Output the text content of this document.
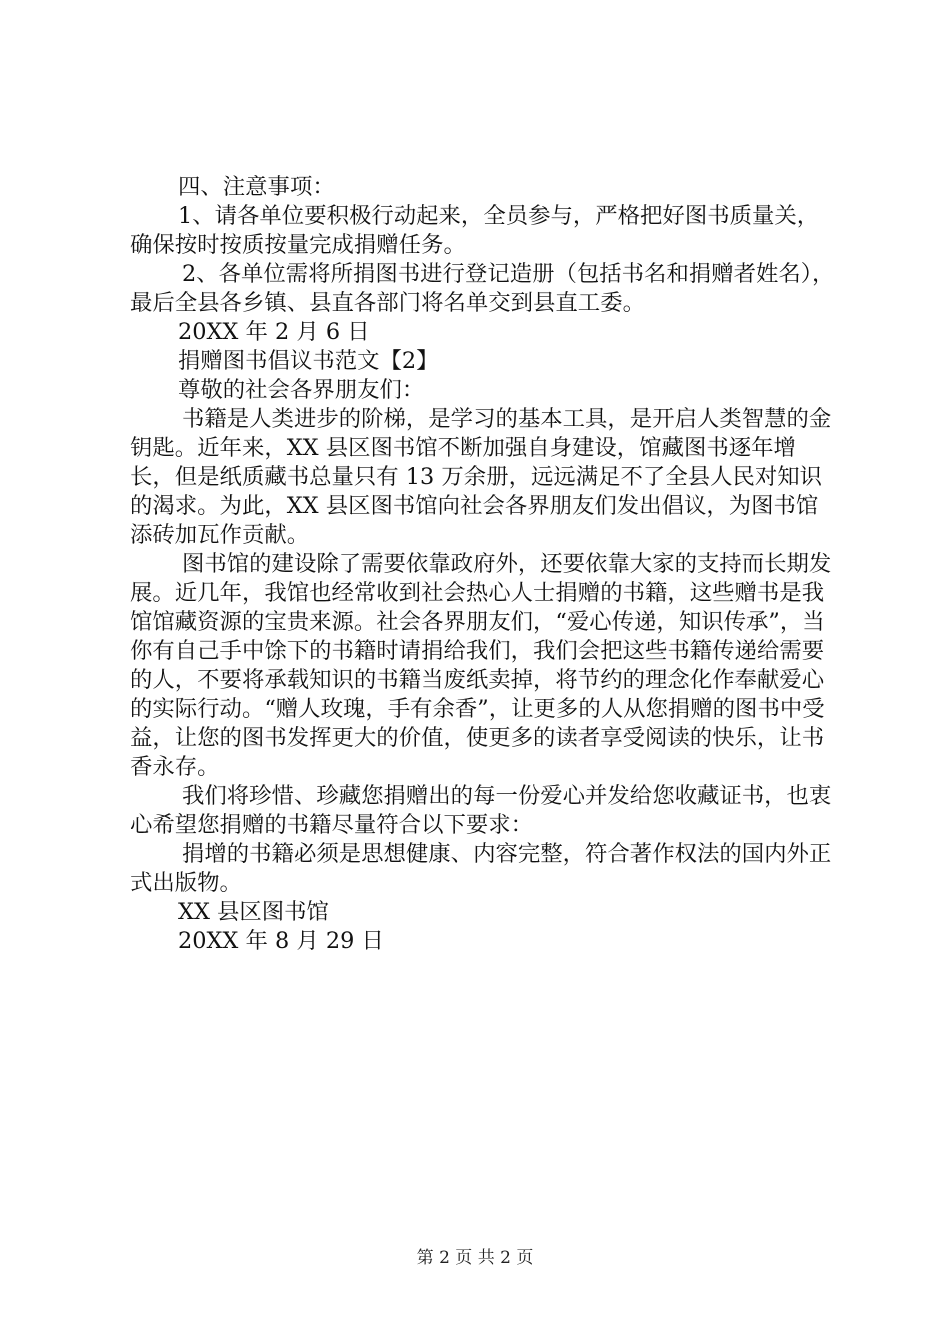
四、注意事项：

1、请各单位要积极行动起来，全员参与，严格把好图书质量关，确保按时按质按量完成捐赠任务。

2、各单位需将所捐图书进行登记造册（包括书名和捐赠者姓名），最后全县各乡镇、县直各部门将名单交到县直工委。

20XX 年 2 月 6 日

捐赠图书倡议书范文【2】

尊敬的社会各界朋友们：

书籍是人类进步的阶梯，是学习的基本工具，是开启人类智慧的金钥匙。近年来，XX 县区图书馆不断加强自身建设，馆藏图书逐年增长，但是纸质藏书总量只有 13 万余册，远远满足不了全县人民对知识的渴求。为此，XX 县区图书馆向社会各界朋友们发出倡议，为图书馆添砖加瓦作贡献。

图书馆的建设除了需要依靠政府外，还要依靠大家的支持而长期发展。近几年，我馆也经常收到社会热心人士捐赠的书籍，这些赠书是我馆馆藏资源的宝贵来源。社会各界朋友们，“爱心传递，知识传承”，当你有自己手中馀下的书籍时请捐给我们，我们会把这些书籍传递给需要的人，不要将承载知识的书籍当废纸卖掉，将节约的理念化作奉献爱心的实际行动。“赠人玫瑰，手有余香”，让更多的人从您捐赠的图书中受益，让您的图书发挥更大的价值，使更多的读者享受阅读的快乐，让书香永存。

我们将珍惜、珍藏您捐赠出的每一份爱心并发给您收藏证书，也衷心希望您捐赠的书籍尽量符合以下要求：

捐增的书籍必须是思想健康、内容完整，符合著作权法的国内外正式出版物。

XX 县区图书馆

20XX 年 8 月 29 日

第 2 页 共 2 页
